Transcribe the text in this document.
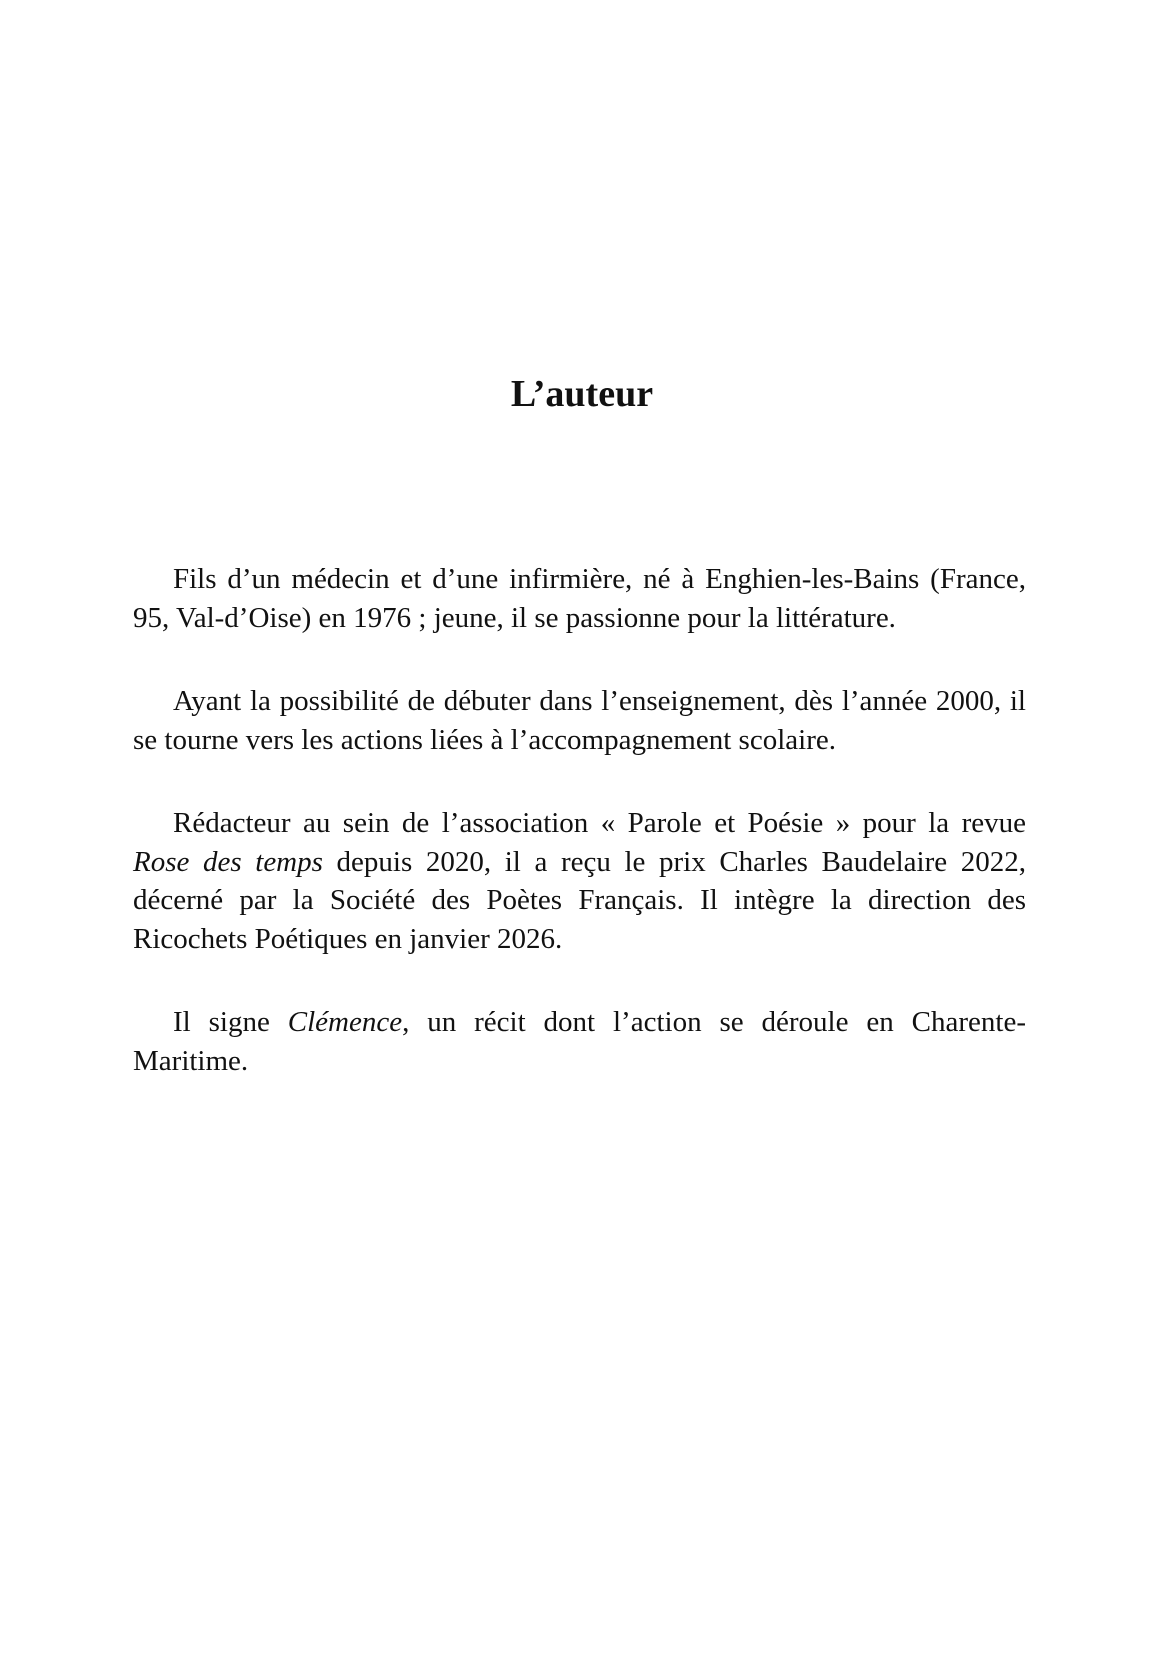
L’auteur

Fils d’un médecin et d’une infirmière, né à Enghien-les-Bains (France, 95, Val-d’Oise) en 1976 ; jeune, il se passionne pour la littérature.

Ayant la possibilité de débuter dans l’enseignement, dès l’année 2000, il se tourne vers les actions liées à l’accompagnement scolaire.

Rédacteur au sein de l’association « Parole et Poésie » pour la revue Rose des temps depuis 2020, il a reçu le prix Charles Baudelaire 2022, décerné par la Société des Poètes Français. Il intègre la direction des Ricochets Poétiques en janvier 2026.

Il signe Clémence, un récit dont l’action se déroule en Charente-Maritime.
